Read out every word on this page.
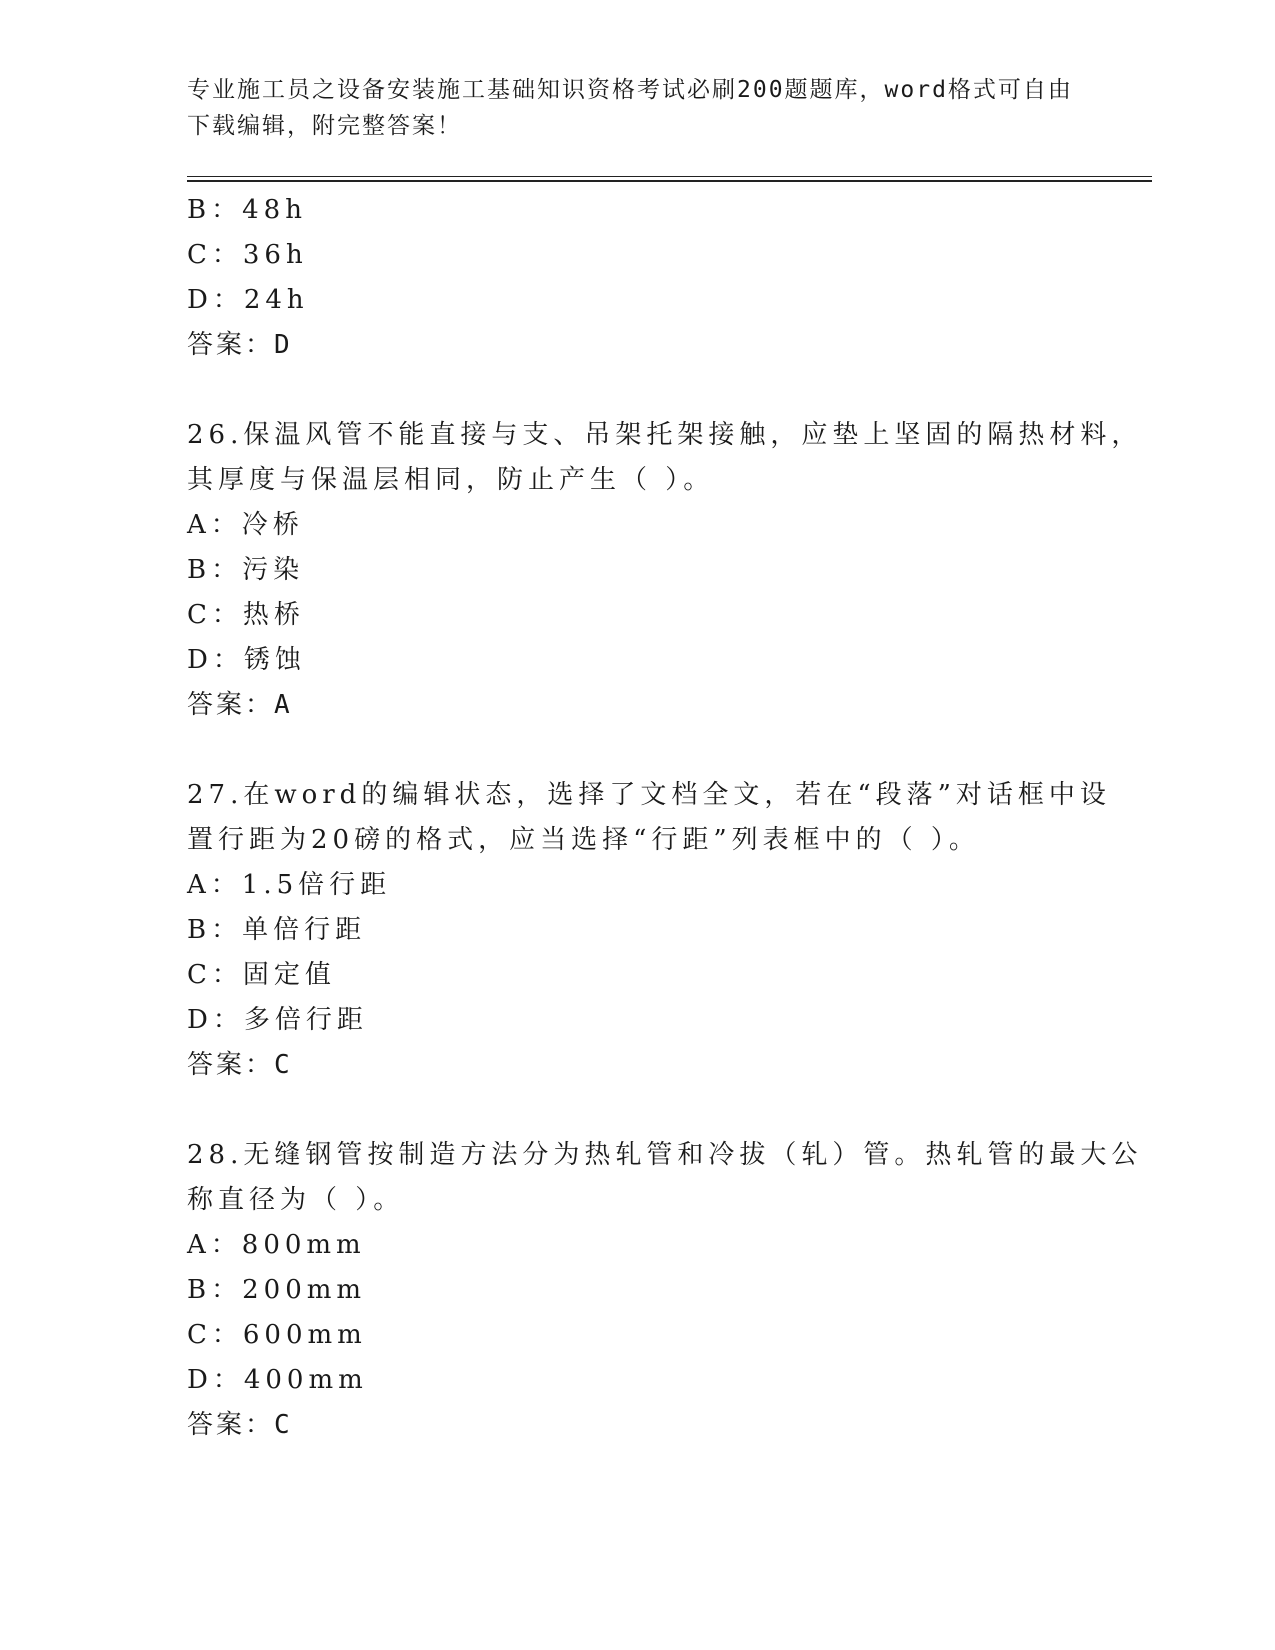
专业施工员之设备安装施工基础知识资格考试必刷200题题库，word格式可自由
下载编辑，附完整答案！
B：48h
C：36h
D：24h
答案：D
26.保温风管不能直接与支、吊架托架接触，应垫上坚固的隔热材料，
其厚度与保温层相同，防止产生（ ）。
A：冷桥
B：污染
C：热桥
D：锈蚀
答案：A
27.在word的编辑状态，选择了文档全文，若在“段落”对话框中设
置行距为20磅的格式，应当选择“行距”列表框中的（ ）。
A：1.5倍行距
B：单倍行距
C：固定值
D：多倍行距
答案：C
28.无缝钢管按制造方法分为热轧管和冷拔（轧）管。热轧管的最大公
称直径为（ ）。
A：800mm
B：200mm
C：600mm
D：400mm
答案：C
